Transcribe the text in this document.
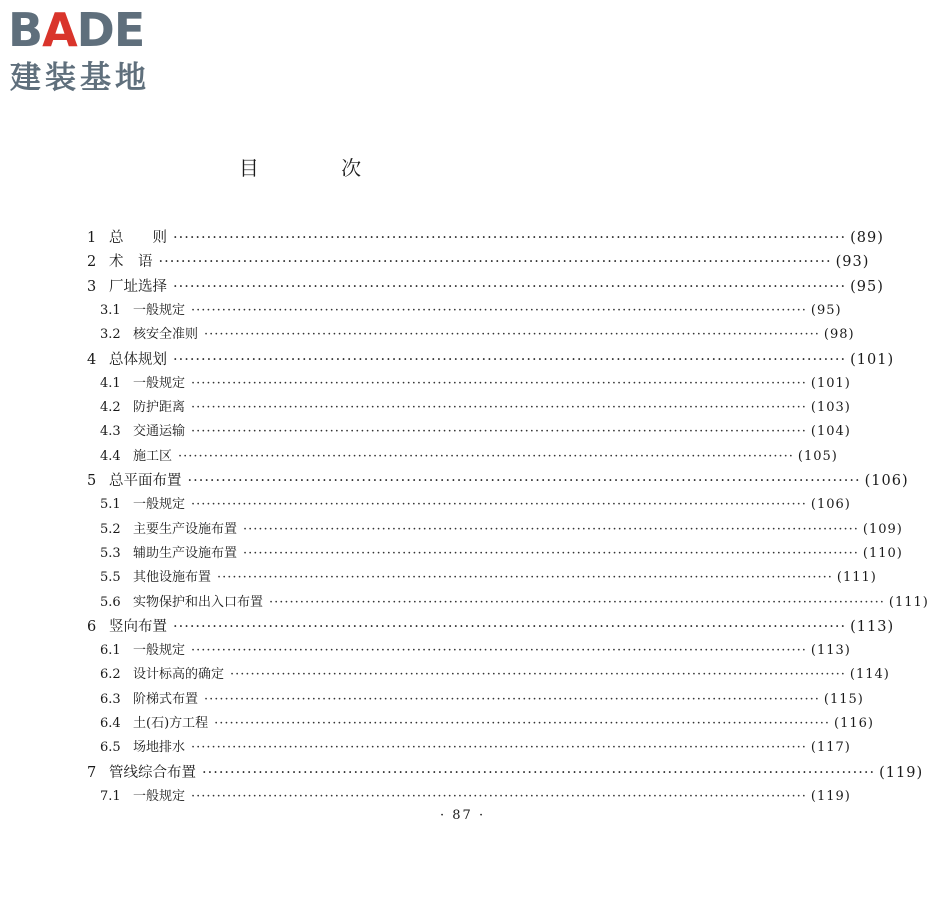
BADE
建装基地
目 次
1 总　　则 ························································································································ (89)
2 术　语 ························································································································ (93)
3 厂址选择 ························································································································ (95)
3.1 一般规定 ························································································································ (95)
3.2 核安全准则 ························································································································ (98)
4 总体规划 ························································································································ (101)
4.1 一般规定 ························································································································ (101)
4.2 防护距离 ························································································································ (103)
4.3 交通运输 ························································································································ (104)
4.4 施工区 ························································································································ (105)
5 总平面布置 ························································································································ (106)
5.1 一般规定 ························································································································ (106)
5.2 主要生产设施布置 ························································································································ (109)
5.3 辅助生产设施布置 ························································································································ (110)
5.5 其他设施布置 ························································································································ (111)
5.6 实物保护和出入口布置 ························································································································ (111)
6 竖向布置 ························································································································ (113)
6.1 一般规定 ························································································································ (113)
6.2 设计标高的确定 ························································································································ (114)
6.3 阶梯式布置 ························································································································ (115)
6.4 土(石)方工程 ························································································································ (116)
6.5 场地排水 ························································································································ (117)
7 管线综合布置 ························································································································ (119)
7.1 一般规定 ························································································································ (119)
· 87 ·
